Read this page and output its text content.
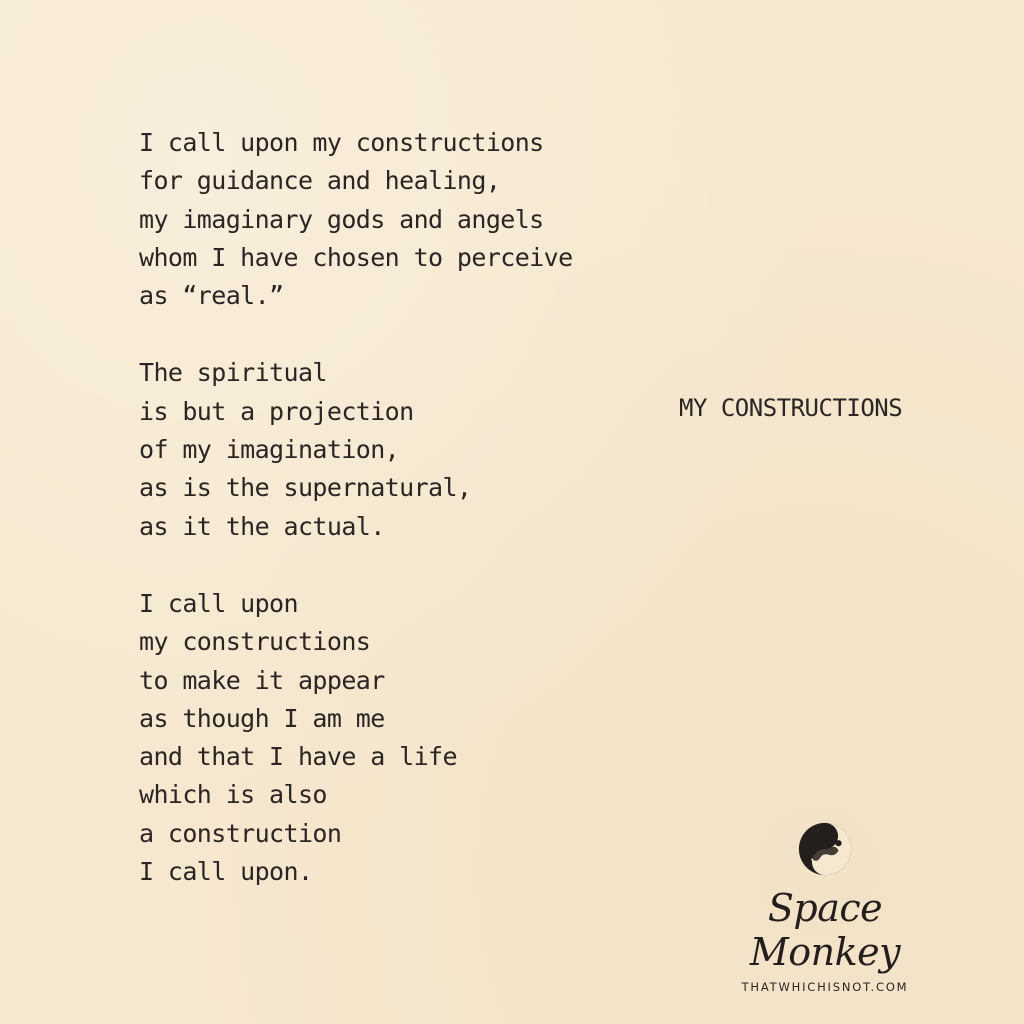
I call upon my constructions
for guidance and healing,
my imaginary gods and angels
whom I have chosen to perceive
as “real.”
The spiritual
is but a projection
of my imagination,
as is the supernatural,
as it the actual.
I call upon
my constructions
to make it appear
as though I am me
and that I have a life
which is also
a construction
I call upon.
MY CONSTRUCTIONS
Space Monkey
THATWHICHISNOT.COM
